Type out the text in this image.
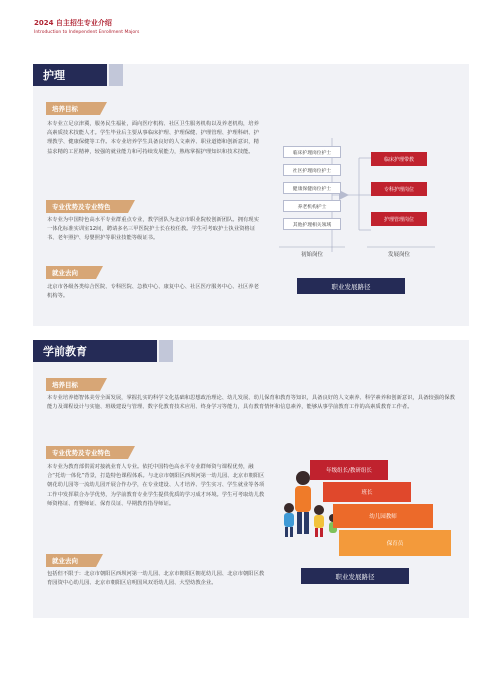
2024 自主招生专业介绍
Introduction to Independent Enrollment Majors
护理
培养目标
本专业立足京津冀，服务民生福祉，面向医疗机构、社区卫生服务机构以及养老机构，培养高素质技术技能人才。学生毕业后主要从事临床护理、护理保健、护理管理、护理科研、护理教学、健康保健等工作。本专业培养学生具备良好的人文素养、职业道德和创新意识，精益求精的工匠精神，较强的就业能力和可持续发展能力，熟练掌握护理知识和技术技能。
专业优势及专业特色
本专业为中国特色高水平专业群重点专业，教学团队为北京市职业院校创新团队。拥有现实一体化标准实训室12间，聘请多名三甲医院护士长在校任教。学生可考取护士执业资格证书、老年照护、母婴照护等职业技能等级证书。
就业去向
北京市各级各类综合医院、专科医院、急救中心、康复中心、社区医疗服务中心、社区养老机构等。
临床护理岗位护士
社区护理岗位护士
健康保健岗位护士
养老机构护士
其他护理相关领域
临床护理带教
专科护理岗位
护理管理岗位
初始岗位	发展岗位
职业发展路径
学前教育
培养目标
本专业培养德智体美劳全面发展，掌握扎实的科学文化基础和思想政治理论、幼儿发展、幼儿保育和教育等知识，具备良好的人文素养、科学素养和创新意识，具备较强的保教能力及课程设计与实施、班级建设与管理、数字化教育技术应用、终身学习等能力，具有教育情怀和信息素养，能够从事学前教育工作的高素质教育工作者。
专业优势及专业特色
本专业为教育部供需对接就业育人专业。依托中国特色高水平专业群师资与课程优势，融合“托幼一体化”背景，打造特色课程体系。与北京市朝阳区西坝河第一幼儿园、北京市朝阳区朝花幼儿园等一流幼儿园开展合作办学，在专业建设、人才培养、学生实习、学生就业等各项工作中发挥联合办学优势，为学前教育专业学生提供优质的学习成才环境。学生可考取幼儿教师资格证、育婴师证、保育员证、早期教育指导师证。
就业去向
包括但不限于：北京市朝阳区西坝河第一幼儿园、北京市朝阳区朝花幼儿园、北京市朝阳区教育园资中心幼儿园、北京市朝阳区启明国风双语幼儿园、大型幼教企业。
年级组长/教研组长
班长
幼儿园教师
保育员
职业发展路径
